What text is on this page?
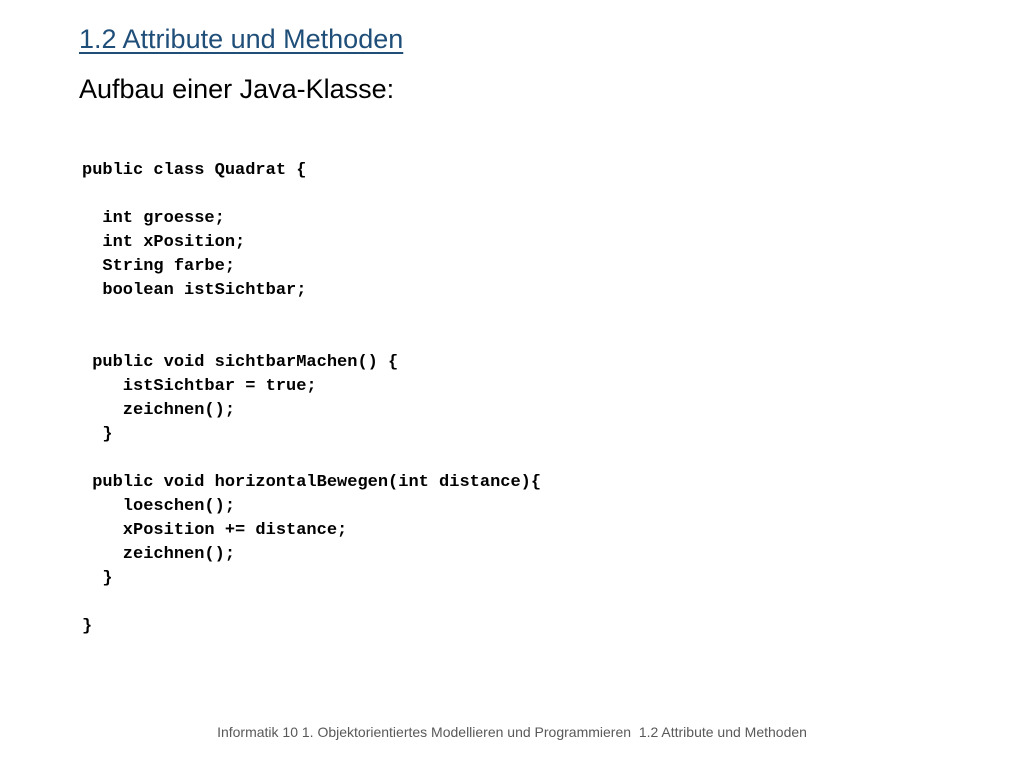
1.2 Attribute und Methoden
Aufbau einer Java-Klasse:
public class Quadrat {
int groesse;
int xPosition;
String farbe;
boolean istSichtbar;
public void sichtbarMachen() {
istSichtbar = true;
zeichnen();
}
public void horizontalBewegen(int distance){
loeschen();
xPosition += distance;
zeichnen();
}
}
Informatik 10 1. Objektorientiertes Modellieren und Programmieren  1.2 Attribute und Methoden
